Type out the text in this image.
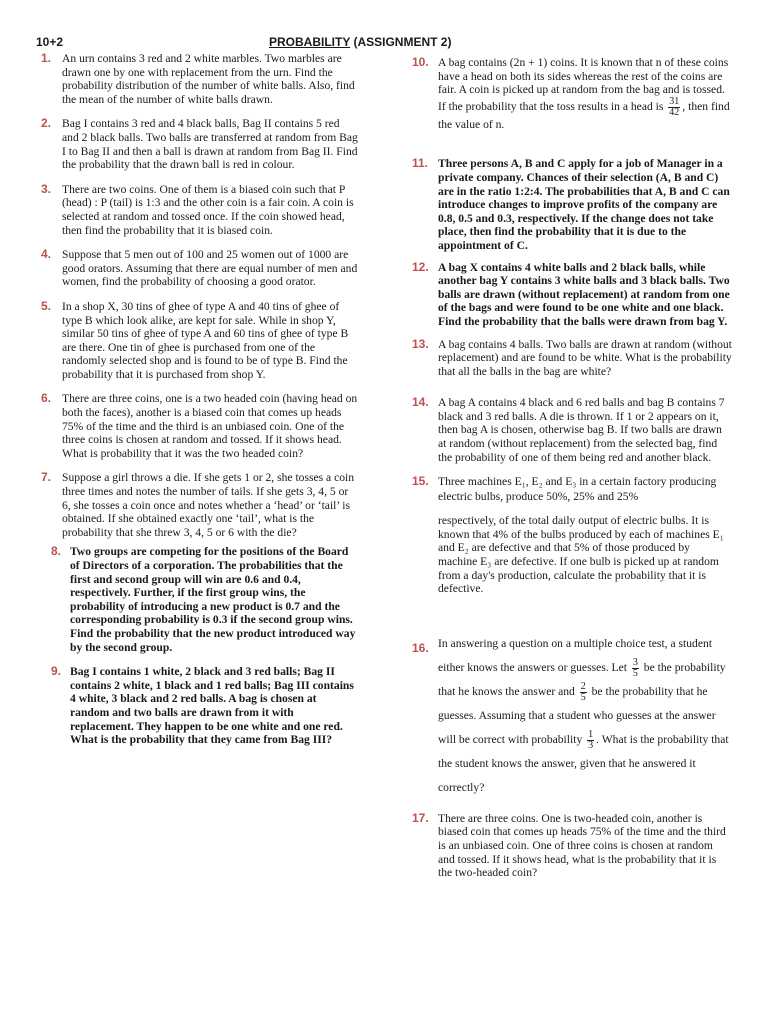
10+2	PROBABILITY (ASSIGNMENT 2)
1. An urn contains 3 red and 2 white marbles. Two marbles are drawn one by one with replacement from the urn. Find the probability distribution of the number of white balls. Also, find the mean of the number of white balls drawn.
2. Bag I contains 3 red and 4 black balls, Bag II contains 5 red and 2 black balls. Two balls are transferred at random from Bag I to Bag II and then a ball is drawn at random from Bag II. Find the probability that the drawn ball is red in colour.
3. There are two coins. One of them is a biased coin such that P (head) : P (tail) is 1:3 and the other coin is a fair coin. A coin is selected at random and tossed once. If the coin showed head, then find the probability that it is biased coin.
4. Suppose that 5 men out of 100 and 25 women out of 1000 are good orators. Assuming that there are equal number of men and women, find the probability of choosing a good orator.
5. In a shop X, 30 tins of ghee of type A and 40 tins of ghee of type B which look alike, are kept for sale. While in shop Y, similar 50 tins of ghee of type A and 60 tins of ghee of type B are there. One tin of ghee is purchased from one of the randomly selected shop and is found to be of type B. Find the probability that it is purchased from shop Y.
6. There are three coins, one is a two headed coin (having head on both the faces), another is a biased coin that comes up heads 75% of the time and the third is an unbiased coin. One of the three coins is chosen at random and tossed. If it shows head. What is probability that it was the two headed coin?
7. Suppose a girl throws a die. If she gets 1 or 2, she tosses a coin three times and notes the number of tails. If she gets 3, 4, 5 or 6, she tosses a coin once and notes whether a ‘head’ or ‘tail’ is obtained. If she obtained exactly one ‘tail’, what is the probability that she threw 3, 4, 5 or 6 with the die?
8. Two groups are competing for the positions of the Board of Directors of a corporation. The probabilities that the first and second group will win are 0.6 and 0.4, respectively. Further, if the first group wins, the probability of introducing a new product is 0.7 and the corresponding probability is 0.3 if the second group wins. Find the probability that the new product introduced way by the second group.
9. Bag I contains 1 white, 2 black and 3 red balls; Bag II contains 2 white, 1 black and 1 red balls; Bag III contains 4 white, 3 black and 2 red balls. A bag is chosen at random and two balls are drawn from it with replacement. They happen to be one white and one red. What is the probability that they came from Bag III?
10. A bag contains (2n + 1) coins. It is known that n of these coins have a head on both its sides whereas the rest of the coins are fair. A coin is picked up at random from the bag and is tossed. If the probability that the toss results in a head is $\frac{31}{42}$ , then find the value of n.
11. Three persons A, B and C apply for a job of Manager in a private company. Chances of their selection (A, B and C) are in the ratio 1:2:4. The probabilities that A, B and C can introduce changes to improve profits of the company are 0.8, 0.5 and 0.3, respectively. If the change does not take place, then find the probability that it is due to the appointment of C.
12. A bag X contains 4 white balls and 2 black balls, while another bag Y contains 3 white balls and 3 black balls. Two balls are drawn (without replacement) at random from one of the bags and were found to be one white and one black. Find the probability that the balls were drawn from bag Y.
13. A bag contains 4 balls. Two balls are drawn at random (without replacement) and are found to be white. What is the probability that all the balls in the bag are white?
14. A bag A contains 4 black and 6 red balls and bag B contains 7 black and 3 red balls. A die is thrown. If 1 or 2 appears on it, then bag A is chosen, otherwise bag B. If two balls are drawn at random (without replacement) from the selected bag, find the probability of one of them being red and another black.
15. Three machines E₁, E₂ and E₃ in a certain factory producing electric bulbs, produce 50%, 25% and 25%
respectively, of the total daily output of electric bulbs. It is known that 4% of the bulbs produced by each of machines E₁ and E₂ are defective and that 5% of those produced by machine E₃ are defective. If one bulb is picked up at random from a day's production, calculate the probability that it is defective.
16. In answering a question on a multiple choice test, a student either knows the answers or guesses. Let $\frac{3}{5}$ be the probability that he knows the answer and $\frac{2}{5}$ be the probability that he guesses. Assuming that a student who guesses at the answer will be correct with probability $\frac{1}{3}$ . What is the probability that the student knows the answer, given that he answered it correctly?
17. There are three coins. One is two-headed coin, another is biased coin that comes up heads 75% of the time and the third is an unbiased coin. One of three coins is chosen at random and tossed. If it shows head, what is the probability that it is the two-headed coin?
